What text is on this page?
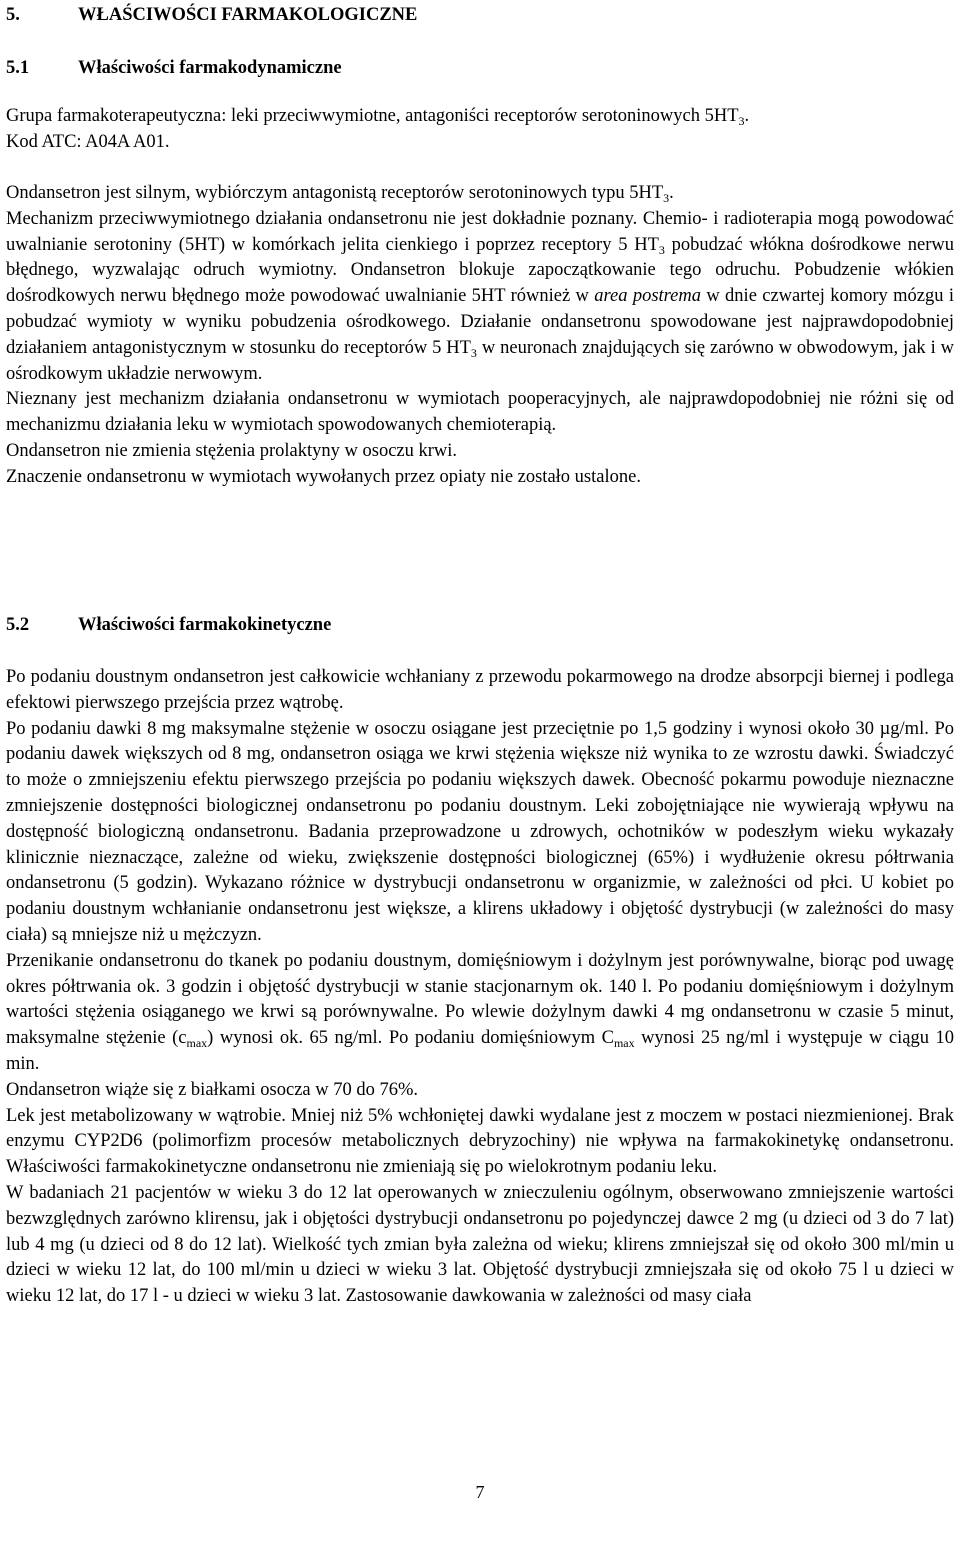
5.	WŁAŚCIWOŚCI FARMAKOLOGICZNE
5.1	Właściwości farmakodynamiczne

Grupa farmakoterapeutyczna: leki przeciwwymiotne, antagoniści receptorów serotoninowych $5HT_3$.

Kod ATC: A04A A01.

Ondansetron jest silnym, wybiórczym antagonistą receptorów serotoninowych typu $5HT_3$.

Mechanizm przeciwwymiotnego działania ondansetronu nie jest dokładnie poznany. Chemio- i radioterapia mogą powodować uwalnianie serotoniny (5HT) w komórkach jelita cienkiego i poprzez receptory 5 $HT_3$ pobudzać włókna dośrodkowe nerwu błędnego, wyzwalając odruch wymiotny. Ondansetron blokuje zapoczątkowanie tego odruchu. Pobudzenie włókien dośrodkowych nerwu błędnego może powodować uwalnianie 5HT również w area postrema w dnie czwartej komory mózgu i pobudzać wymioty w wyniku pobudzenia ośrodkowego. Działanie ondansetronu spowodowane jest najprawdopodobniej działaniem antagonistycznym w stosunku do receptorów 5 $HT_3$ w neuronach znajdujących się zarówno w obwodowym, jak i w ośrodkowym układzie nerwowym.

Nieznany jest mechanizm działania ondansetronu w wymiotach pooperacyjnych, ale najprawdopodobniej nie różni się od mechanizmu działania leku w wymiotach spowodowanych chemioterapią.

Ondansetron nie zmienia stężenia prolaktyny w osoczu krwi.

Znaczenie ondansetronu w wymiotach wywołanych przez opiaty nie zostało ustalone.

5.2	Właściwości farmakokinetyczne

Po podaniu doustnym ondansetron jest całkowicie wchłaniany z przewodu pokarmowego na drodze absorpcji biernej i podlega efektowi pierwszego przejścia przez wątrobę.

Po podaniu dawki 8 mg maksymalne stężenie w osoczu osiągane jest przeciętnie po 1,5 godziny i wynosi około 30 µg/ml. Po podaniu dawek większych od 8 mg, ondansetron osiąga we krwi stężenia większe niż wynika to ze wzrostu dawki. Świadczyć to może o zmniejszeniu efektu pierwszego przejścia po podaniu większych dawek. Obecność pokarmu powoduje nieznaczne zmniejszenie dostępności biologicznej ondansetronu po podaniu doustnym. Leki zobojętniające nie wywierają wpływu na dostępność biologiczną ondansetronu. Badania przeprowadzone u zdrowych, ochotników w podeszłym wieku wykazały klinicznie nieznaczące, zależne od wieku, zwiększenie dostępności biologicznej (65%) i wydłużenie okresu półtrwania ondansetronu (5 godzin). Wykazano różnice w dystrybucji ondansetronu w organizmie, w zależności od płci. U kobiet po podaniu doustnym wchłanianie ondansetronu jest większe, a klirens układowy i objętość dystrybucji (w zależności do masy ciała) są mniejsze niż u mężczyzn.

Przenikanie ondansetronu do tkanek po podaniu doustnym, domięśniowym i dożylnym jest porównywalne, biorąc pod uwagę okres półtrwania ok. 3 godzin i objętość dystrybucji w stanie stacjonarnym ok. 140 l. Po podaniu domięśniowym i dożylnym wartości stężenia osiąganego we krwi są porównywalne. Po wlewie dożylnym dawki 4 mg ondansetronu w czasie 5 minut, maksymalne stężenie $(c_{max})$ wynosi ok. 65 ng/ml. Po podaniu domięśniowym $C_{max}$ wynosi 25 ng/ml i występuje w ciągu 10 min.

Ondansetron wiąże się z białkami osocza w 70 do 76%.

Lek jest metabolizowany w wątrobie. Mniej niż 5% wchłoniętej dawki wydalane jest z moczem w postaci niezmienionej. Brak enzymu CYP2D6 (polimorfizm procesów metabolicznych debryzochiny) nie wpływa na farmakokinetykę ondansetronu. Właściwości farmakokinetyczne ondansetronu nie zmieniają się po wielokrotnym podaniu leku.

W badaniach 21 pacjentów w wieku 3 do 12 lat operowanych w znieczuleniu ogólnym, obserwowano zmniejszenie wartości bezwzględnych zarówno klirensu, jak i objętości dystrybucji ondansetronu po pojedynczej dawce 2 mg (u dzieci od 3 do 7 lat) lub 4 mg (u dzieci od 8 do 12 lat). Wielkość tych zmian była zależna od wieku; klirens zmniejszał się od około 300 ml/min u dzieci w wieku 12 lat, do 100 ml/min u dzieci w wieku 3 lat. Objętość dystrybucji zmniejszała się od około 75 l u dzieci w wieku 12 lat, do 17 l - u dzieci w wieku 3 lat. Zastosowanie dawkowania w zależności od masy ciała

7
